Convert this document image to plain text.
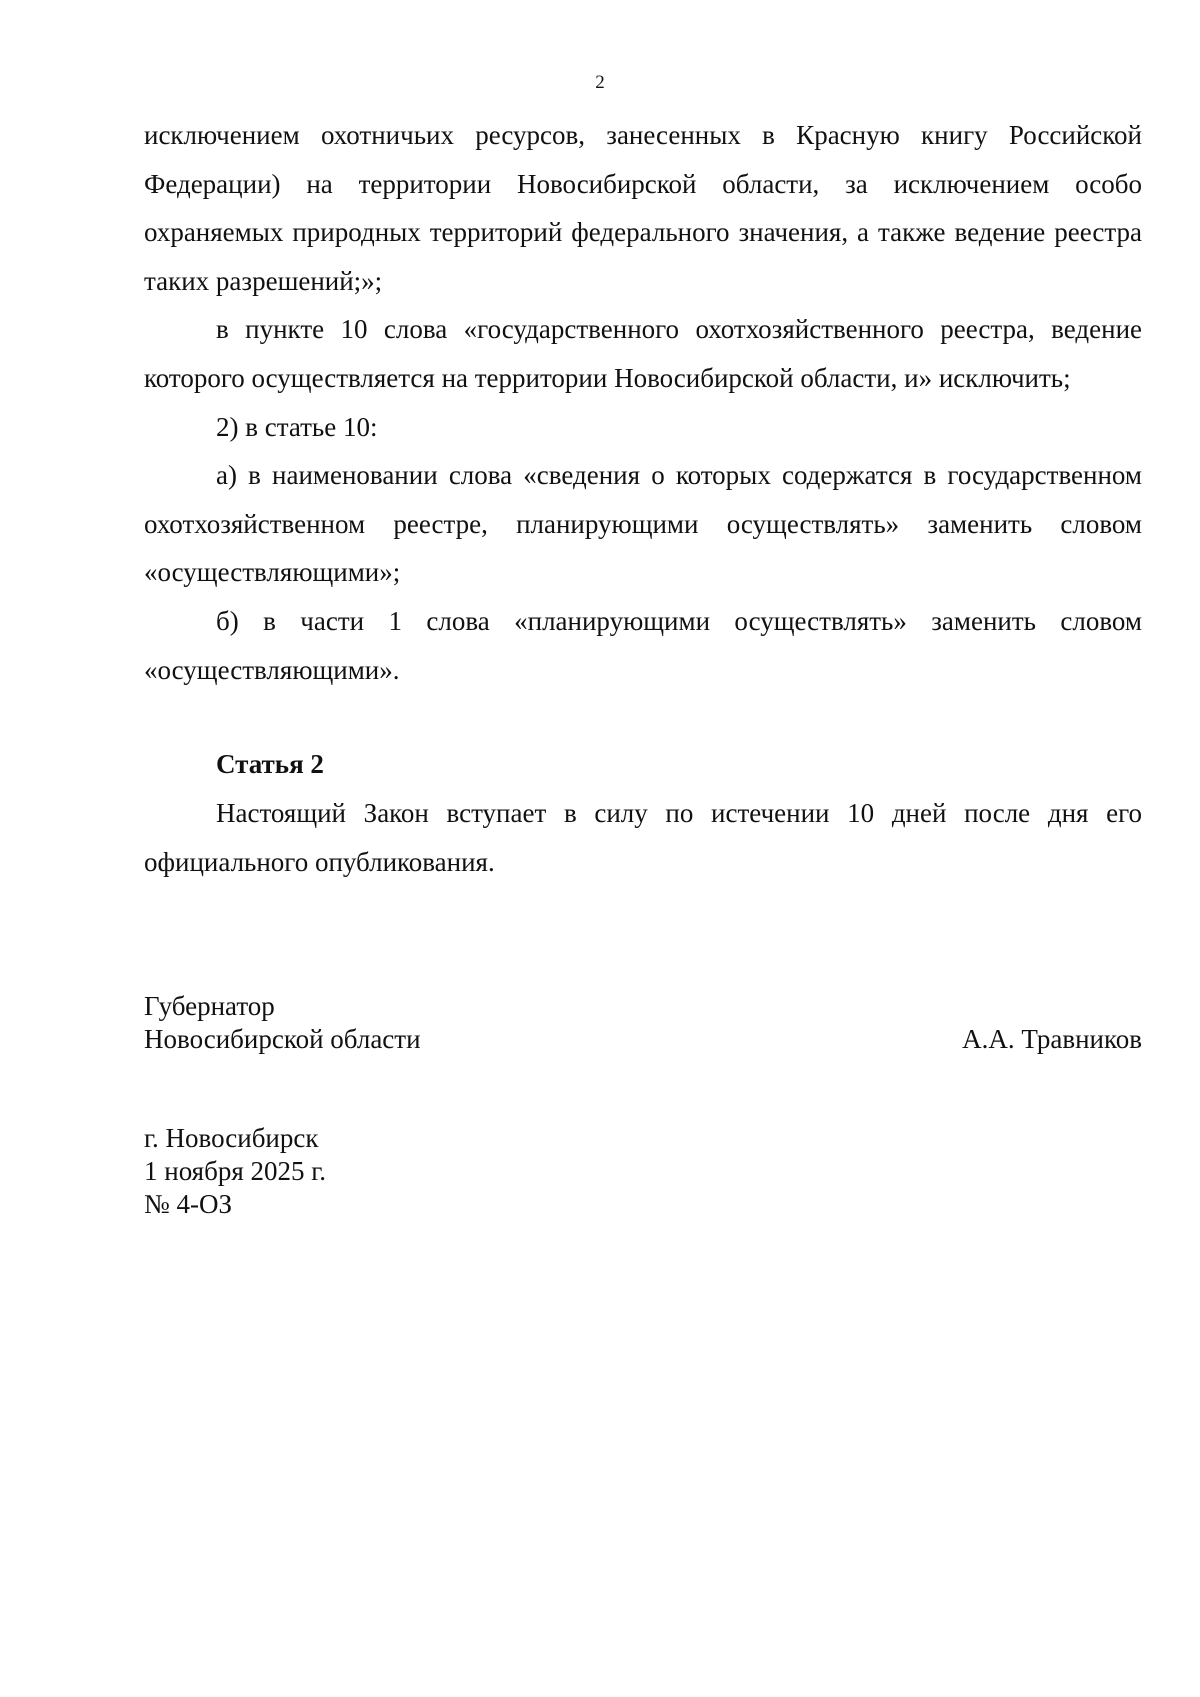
2

исключением охотничьих ресурсов, занесенных в Красную книгу Российской Федерации) на территории Новосибирской области, за исключением особо охраняемых природных территорий федерального значения, а также ведение реестра таких разрешений;»;

в пункте 10 слова «государственного охотхозяйственного реестра, ведение которого осуществляется на территории Новосибирской области, и» исключить;

2) в статье 10:

а) в наименовании слова «сведения о которых содержатся в государственном охотхозяйственном реестре, планирующими осуществлять» заменить словом «осуществляющими»;

б) в части 1 слова «планирующими осуществлять» заменить словом «осуществляющими».

Статья 2

Настоящий Закон вступает в силу по истечении 10 дней после дня его официального опубликования.

Губернатор
Новосибирской области	А.А. Травников
г. Новосибирск
1 ноября 2025 г.
№ 4-ОЗ
